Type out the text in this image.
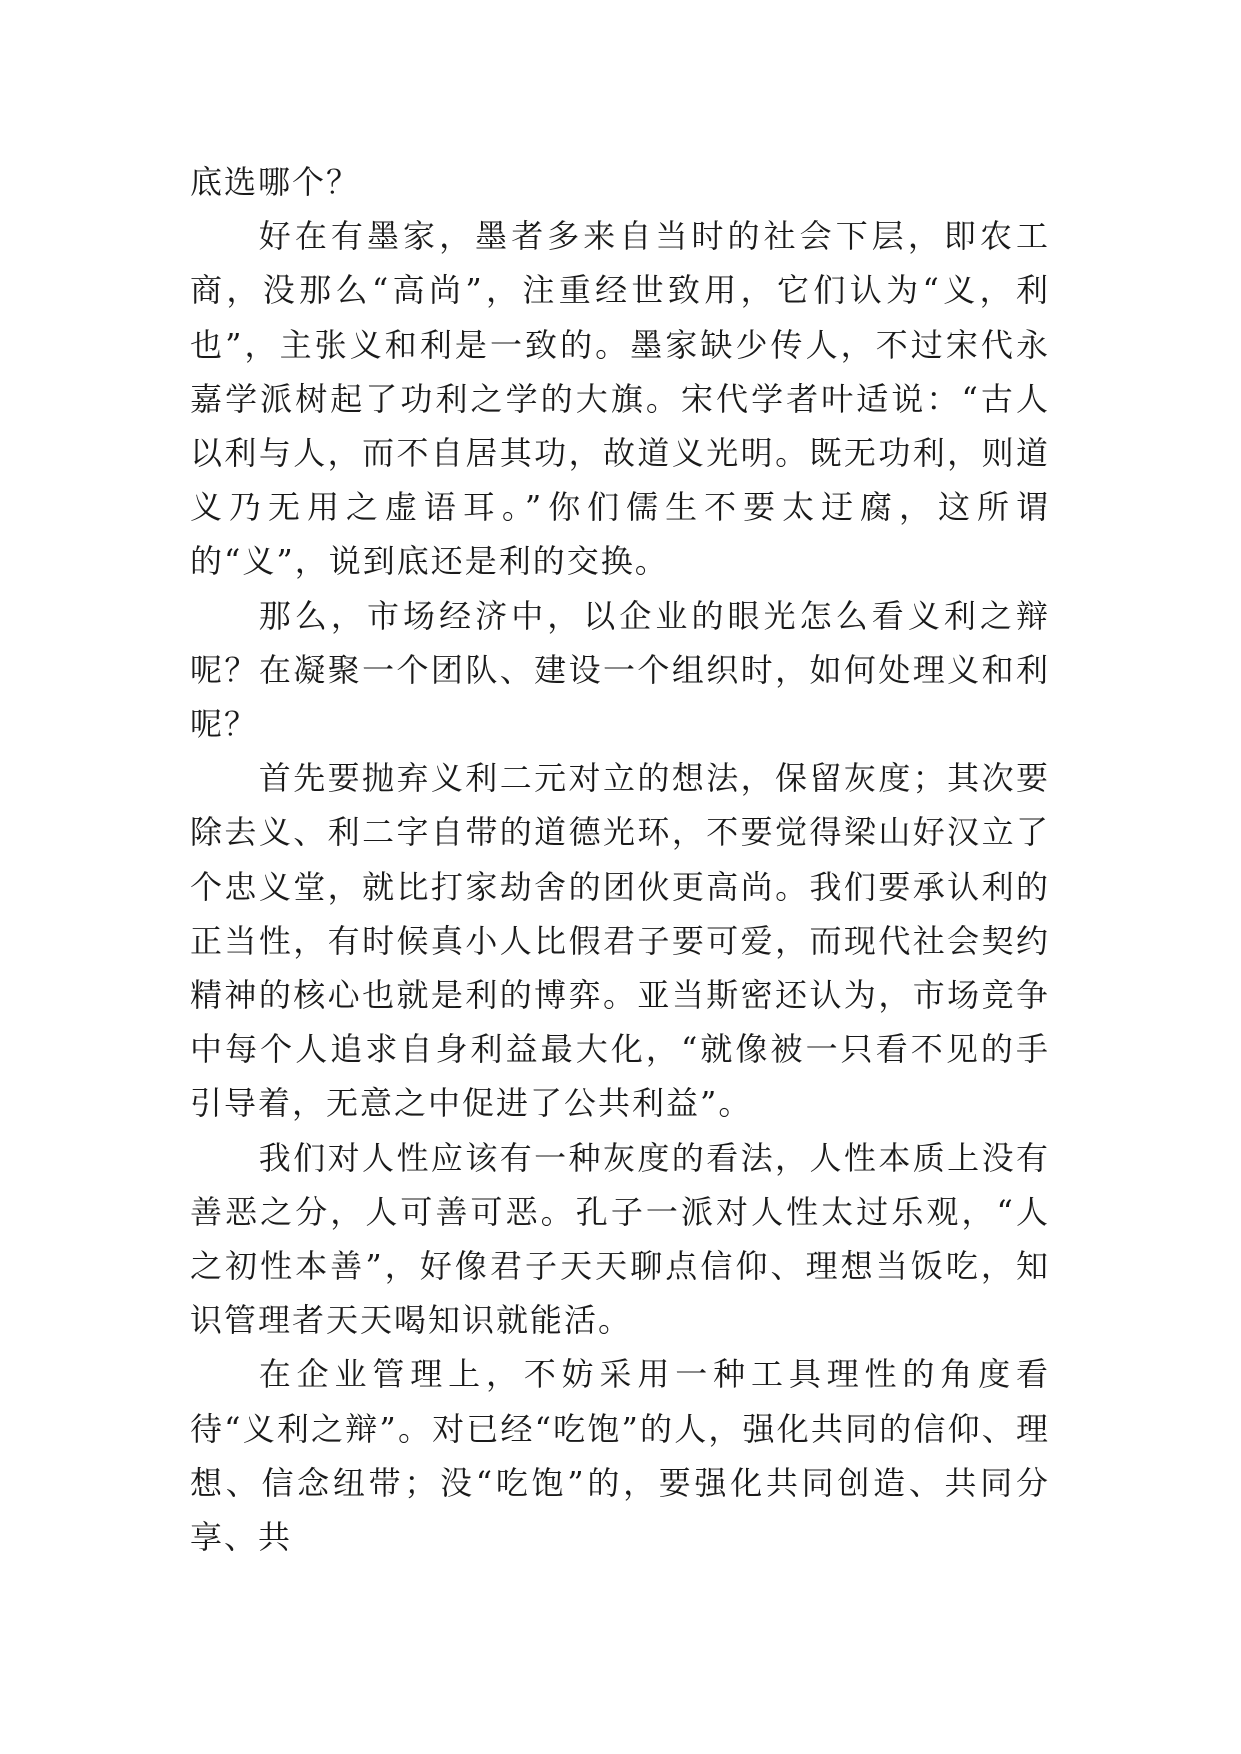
底选哪个？

好在有墨家，墨者多来自当时的社会下层，即农工商，没那么“高尚”，注重经世致用，它们认为“义，利也”，主张义和利是一致的。墨家缺少传人，不过宋代永嘉学派树起了功利之学的大旗。宋代学者叶适说：“古人以利与人，而不自居其功，故道义光明。既无功利，则道义乃无用之虚语耳。”你们儒生不要太迂腐，这所谓的“义”，说到底还是利的交换。

那么，市场经济中，以企业的眼光怎么看义利之辩呢？在凝聚一个团队、建设一个组织时，如何处理义和利呢？

首先要抛弃义利二元对立的想法，保留灰度；其次要除去义、利二字自带的道德光环，不要觉得梁山好汉立了个忠义堂，就比打家劫舍的团伙更高尚。我们要承认利的正当性，有时候真小人比假君子要可爱，而现代社会契约精神的核心也就是利的博弈。亚当斯密还认为，市场竞争中每个人追求自身利益最大化，“就像被一只看不见的手引导着，无意之中促进了公共利益”。

我们对人性应该有一种灰度的看法，人性本质上没有善恶之分，人可善可恶。孔子一派对人性太过乐观，“人之初性本善”，好像君子天天聊点信仰、理想当饭吃，知识管理者天天喝知识就能活。

在企业管理上，不妨采用一种工具理性的角度看待“义利之辩”。对已经“吃饱”的人，强化共同的信仰、理想、信念纽带；没“吃饱”的，要强化共同创造、共同分享、共
